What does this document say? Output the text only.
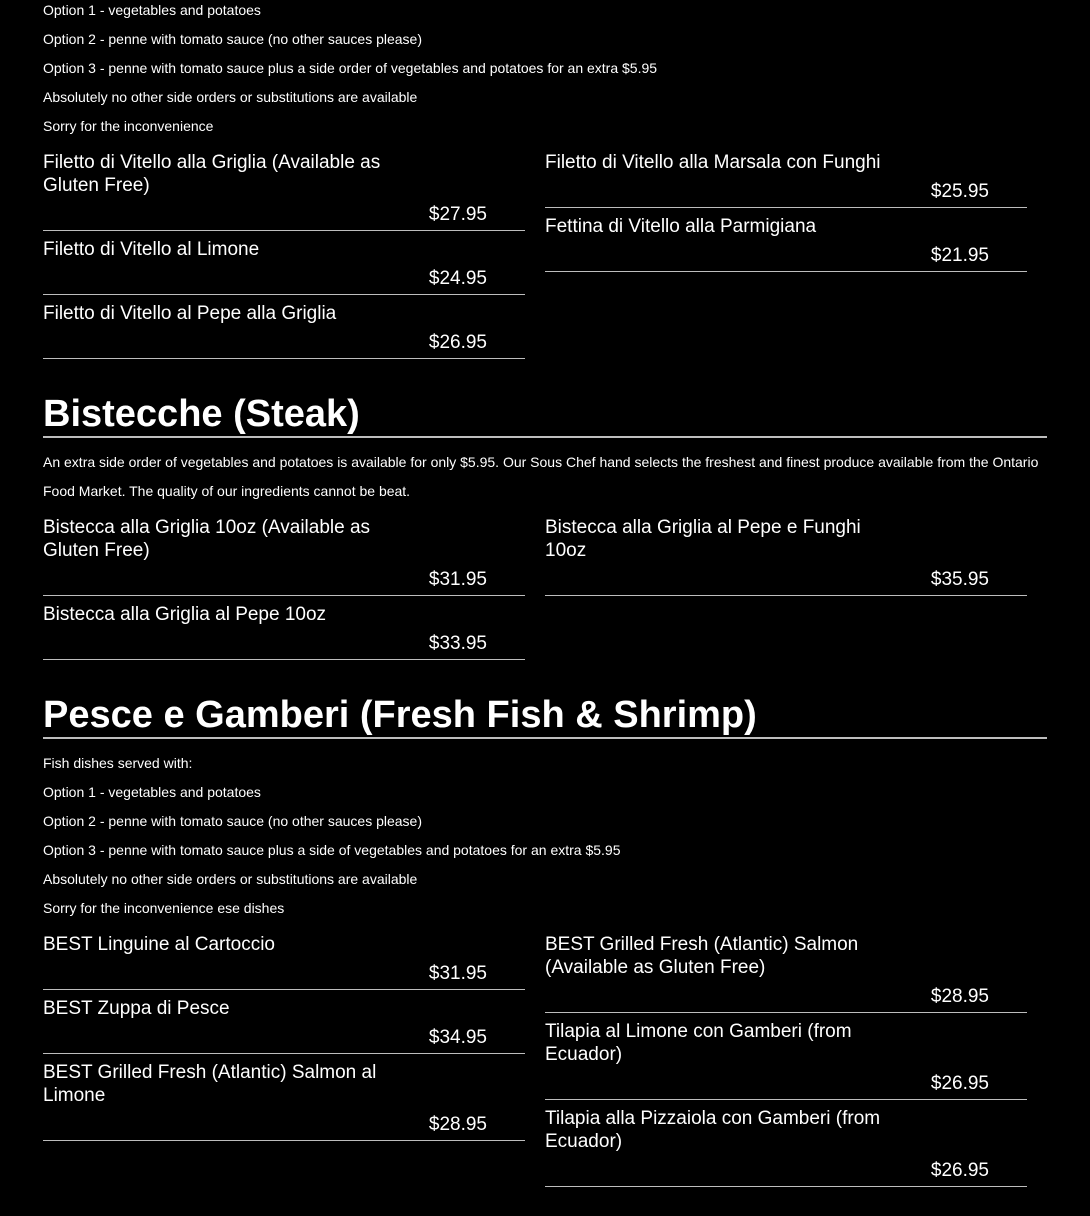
Option 1 - vegetables and potatoes

Option 2 - penne with tomato sauce (no other sauces please)

Option 3 - penne with tomato sauce plus a side order of vegetables and potatoes for an extra $5.95

Absolutely no other side orders or substitutions are available

Sorry for the inconvenience

Filetto di Vitello alla Griglia (Available as Gluten Free)

$27.95

Filetto di Vitello al Limone

$24.95

Filetto di Vitello al Pepe alla Griglia

$26.95

Filetto di Vitello alla Marsala con Funghi

$25.95

Fettina di Vitello alla Parmigiana

$21.95
Bistecche (Steak)

An extra side order of vegetables and potatoes is available for only $5.95. Our Sous Chef hand selects the freshest and finest produce available from the Ontario Food Market. The quality of our ingredients cannot be beat.

Bistecca alla Griglia 10oz (Available as Gluten Free)

$31.95

Bistecca alla Griglia al Pepe 10oz

$33.95

Bistecca alla Griglia al Pepe e Funghi 10oz

$35.95
Pesce e Gamberi (Fresh Fish & Shrimp)

Fish dishes served with:

Option 1 - vegetables and potatoes

Option 2 - penne with tomato sauce (no other sauces please)

Option 3 - penne with tomato sauce plus a side of vegetables and potatoes for an extra $5.95

Absolutely no other side orders or substitutions are available

Sorry for the inconvenience ese dishes

BEST Linguine al Cartoccio

$31.95

BEST Zuppa di Pesce

$34.95

BEST Grilled Fresh (Atlantic) Salmon al Limone

$28.95

BEST Grilled Fresh (Atlantic) Salmon (Available as Gluten Free)

$28.95

Tilapia al Limone con Gamberi (from Ecuador)

$26.95

Tilapia alla Pizzaiola con Gamberi (from Ecuador)

$26.95
